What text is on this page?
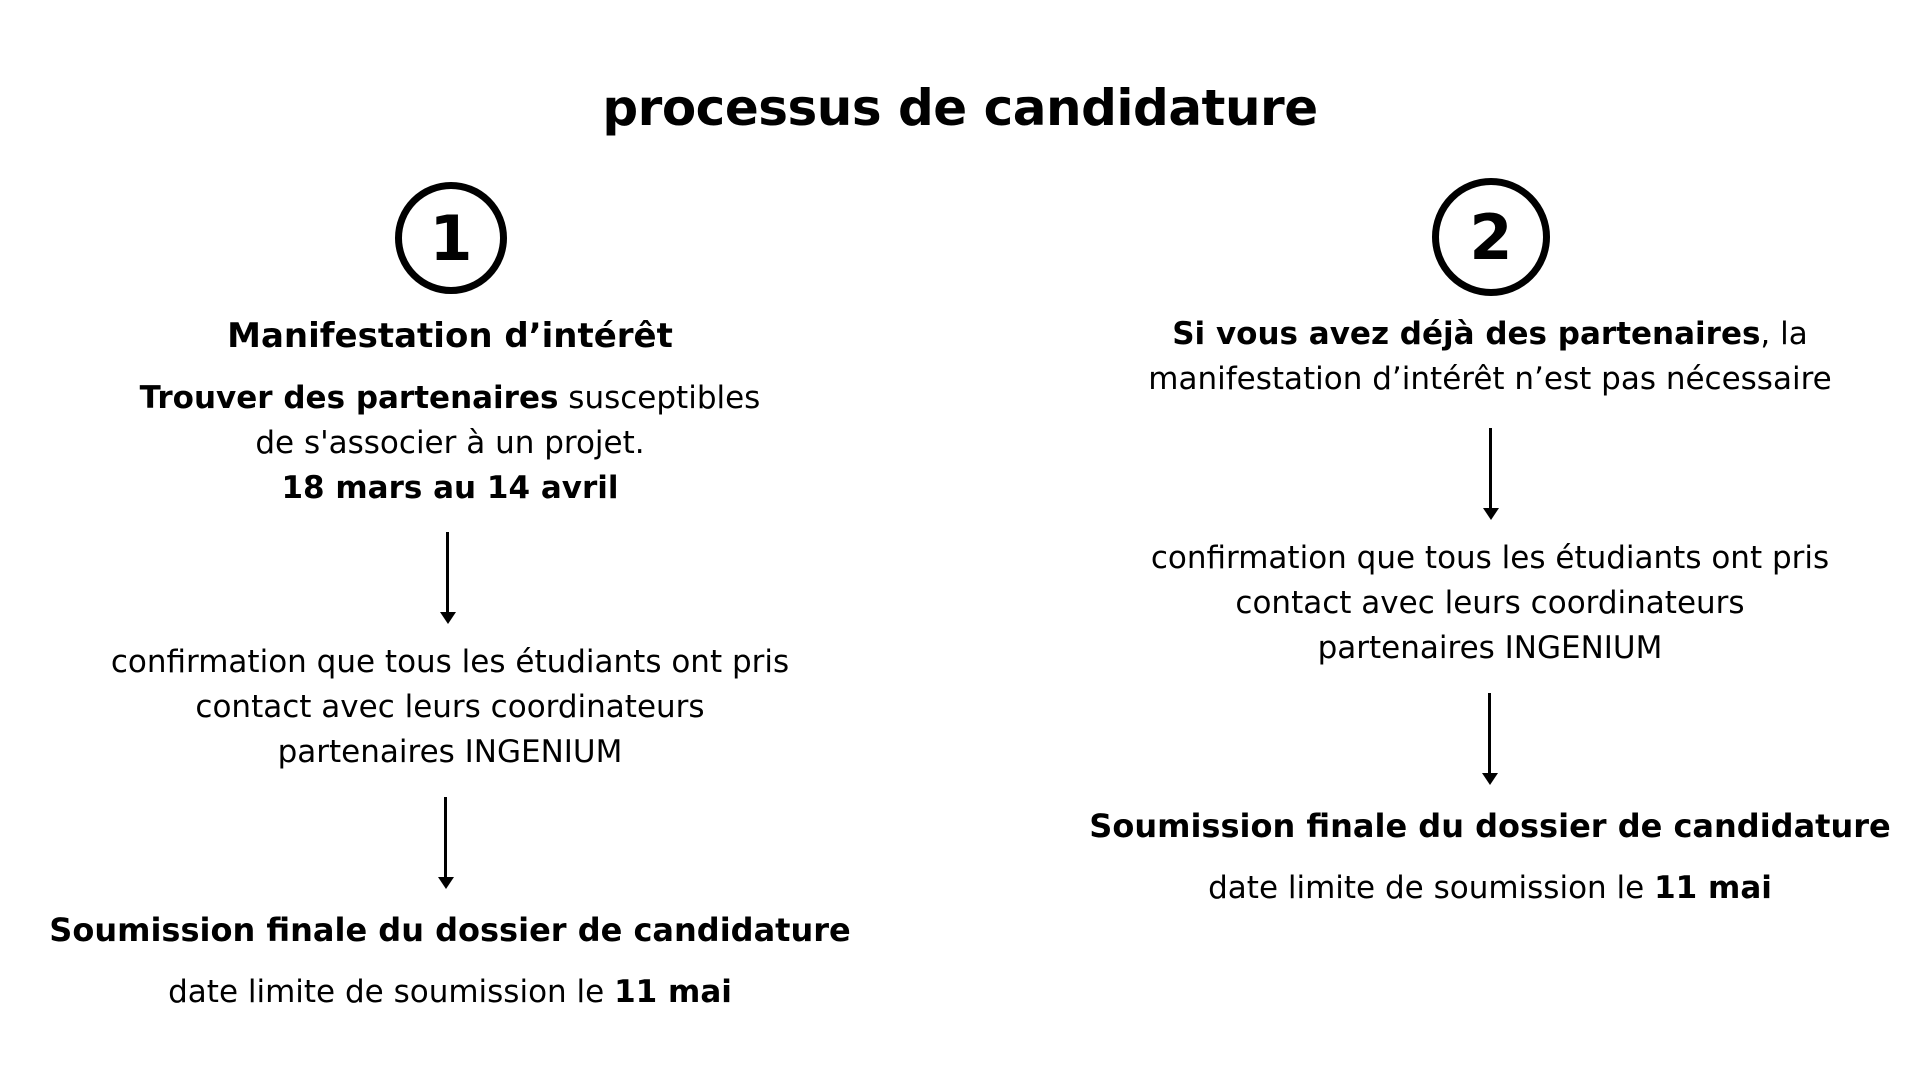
processus de candidature
1
Manifestation d’intérêt
Trouver des partenaires susceptibles
de s'associer à un projet.
18 mars au 14 avril
confirmation que tous les étudiants ont pris
contact avec leurs coordinateurs
partenaires INGENIUM
Soumission finale du dossier de candidature
date limite de soumission le 11 mai
2
Si vous avez déjà des partenaires, la
manifestation d’intérêt n’est pas nécessaire
confirmation que tous les étudiants ont pris
contact avec leurs coordinateurs
partenaires INGENIUM
Soumission finale du dossier de candidature
date limite de soumission le 11 mai
